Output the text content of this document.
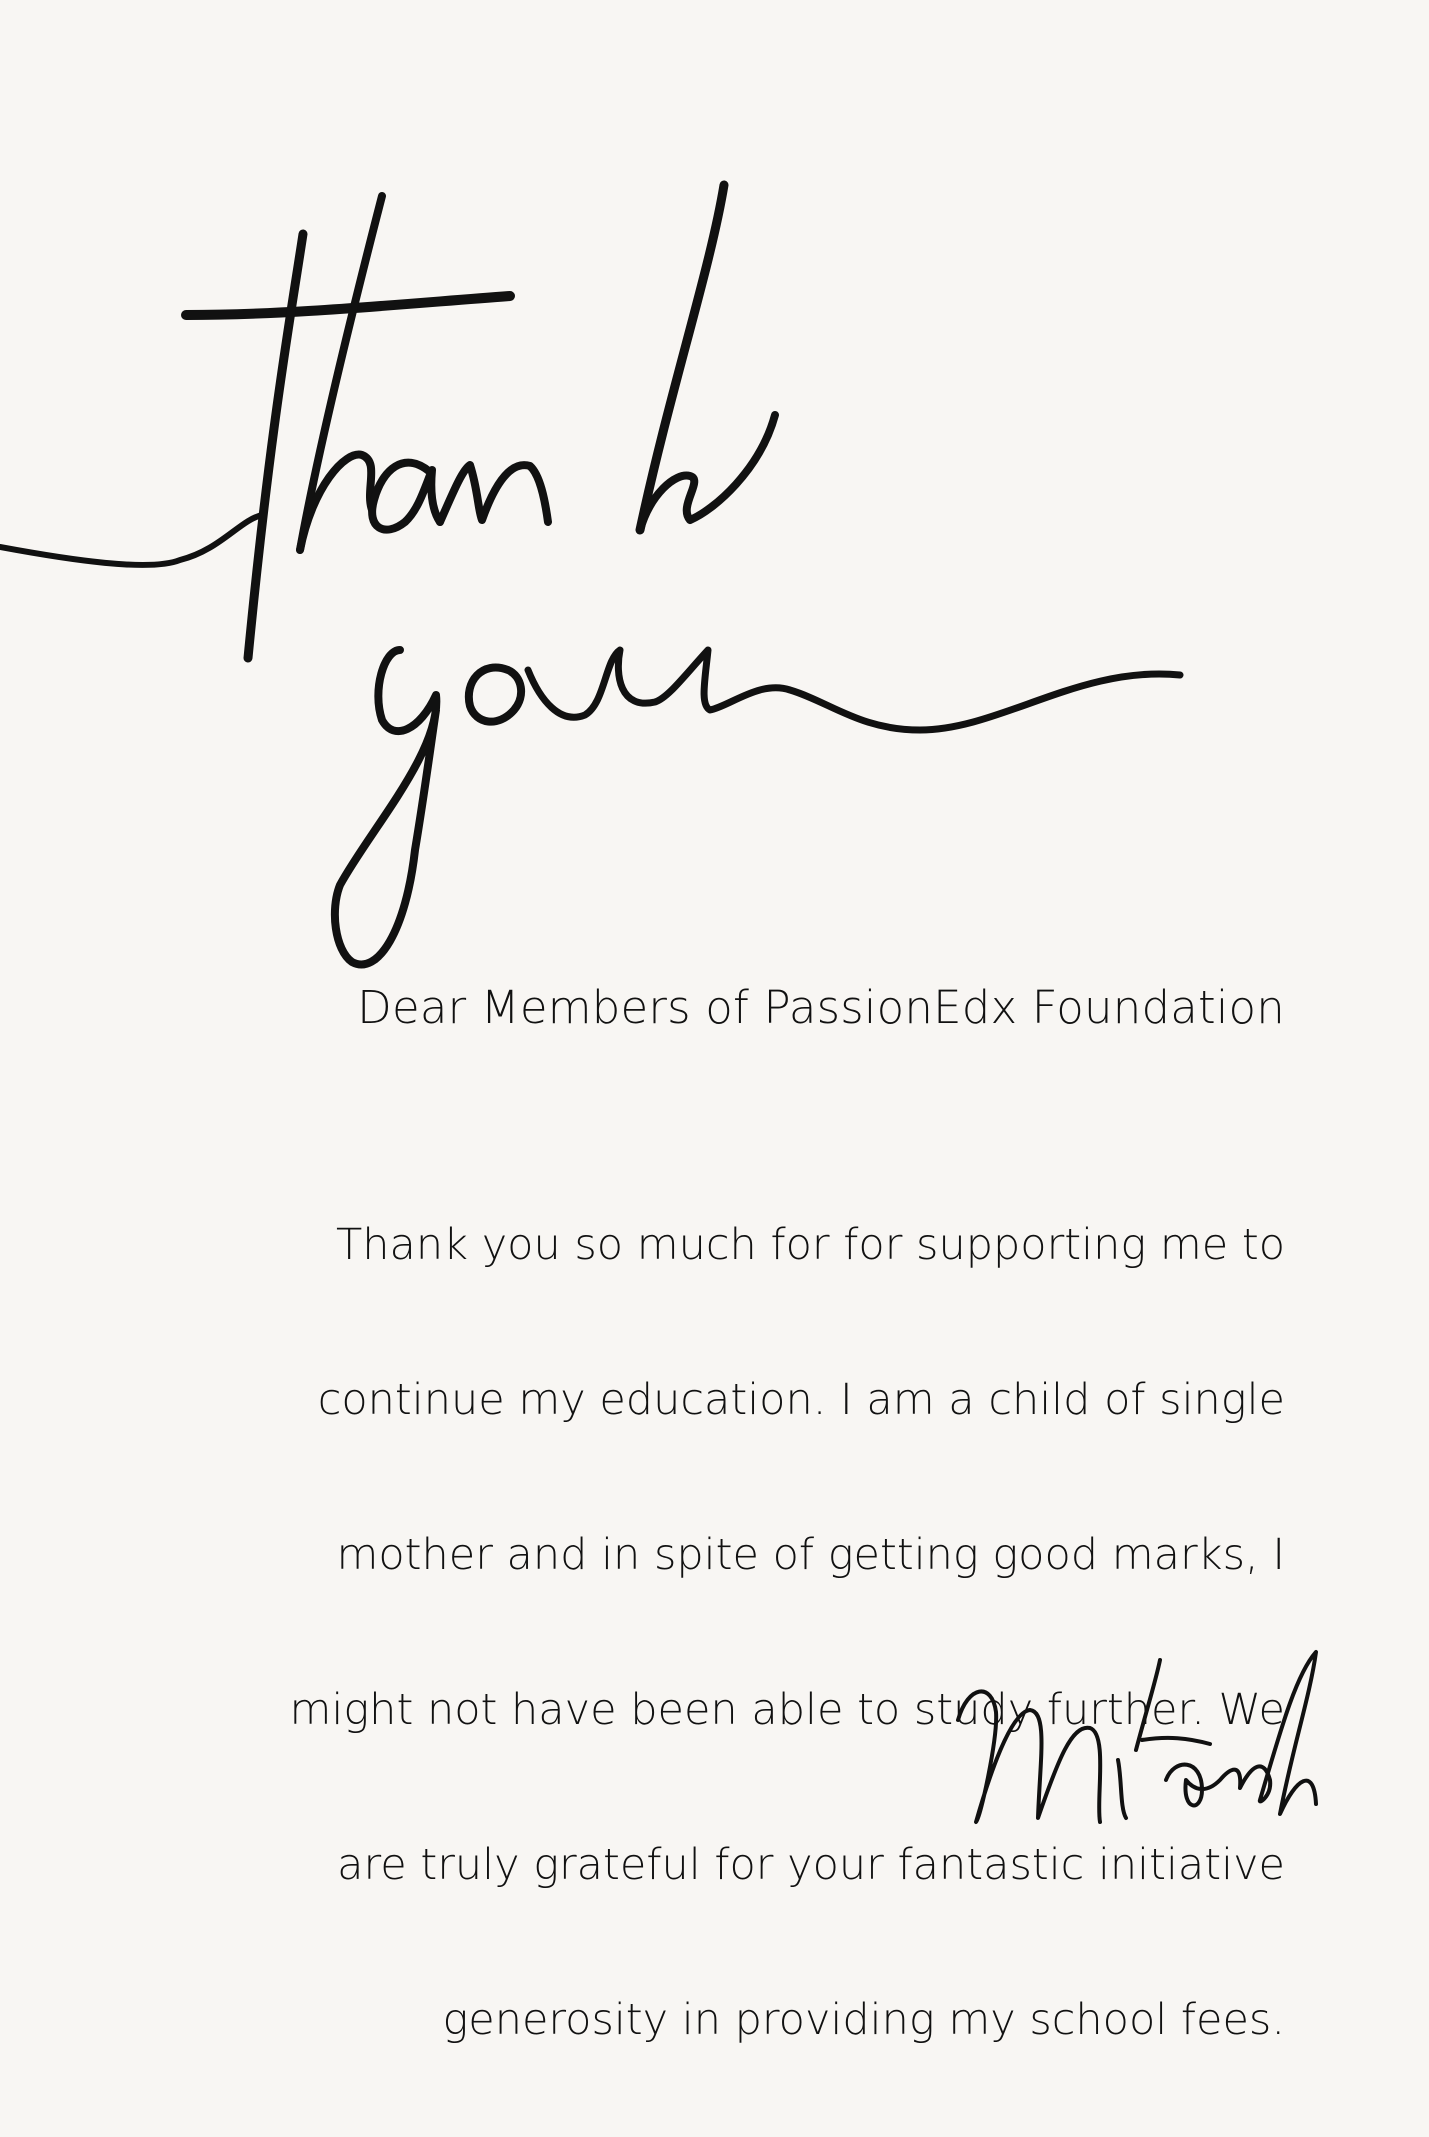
Dear Members of PassionEdx Foundation

Thank you so much for for supporting me to

continue my education. I am a child of single

mother and in spite of getting good marks, I

might not have been able to study further. We

are truly grateful for your fantastic initiative

generosity in providing my school fees.
